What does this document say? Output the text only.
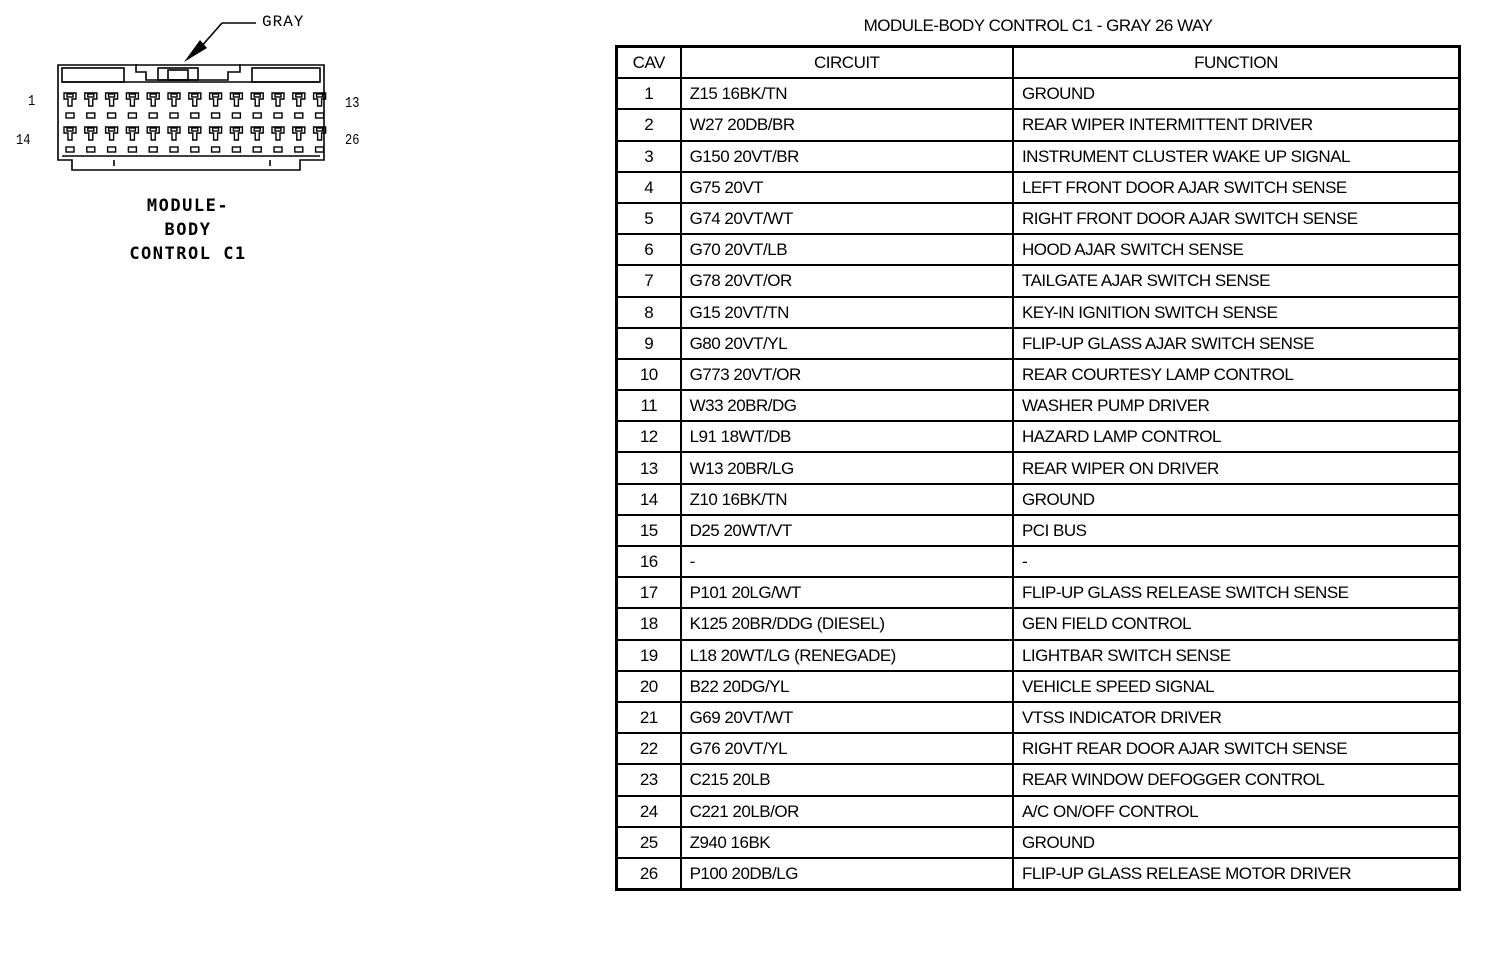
GRAY
1	13
14	26
MODULE-
BODY
CONTROL C1
MODULE-BODY CONTROL C1 - GRAY 26 WAY
CAV	CIRCUIT	FUNCTION
1	Z15 16BK/TN	GROUND
2	W27 20DB/BR	REAR WIPER INTERMITTENT DRIVER
3	G150 20VT/BR	INSTRUMENT CLUSTER WAKE UP SIGNAL
4	G75 20VT	LEFT FRONT DOOR AJAR SWITCH SENSE
5	G74 20VT/WT	RIGHT FRONT DOOR AJAR SWITCH SENSE
6	G70 20VT/LB	HOOD AJAR SWITCH SENSE
7	G78 20VT/OR	TAILGATE AJAR SWITCH SENSE
8	G15 20VT/TN	KEY-IN IGNITION SWITCH SENSE
9	G80 20VT/YL	FLIP-UP GLASS AJAR SWITCH SENSE
10	G773 20VT/OR	REAR COURTESY LAMP CONTROL
11	W33 20BR/DG	WASHER PUMP DRIVER
12	L91 18WT/DB	HAZARD LAMP CONTROL
13	W13 20BR/LG	REAR WIPER ON DRIVER
14	Z10 16BK/TN	GROUND
15	D25 20WT/VT	PCI BUS
16	-	-
17	P101 20LG/WT	FLIP-UP GLASS RELEASE SWITCH SENSE
18	K125 20BR/DDG (DIESEL)	GEN FIELD CONTROL
19	L18 20WT/LG (RENEGADE)	LIGHTBAR SWITCH SENSE
20	B22 20DG/YL	VEHICLE SPEED SIGNAL
21	G69 20VT/WT	VTSS INDICATOR DRIVER
22	G76 20VT/YL	RIGHT REAR DOOR AJAR SWITCH SENSE
23	C215 20LB	REAR WINDOW DEFOGGER CONTROL
24	C221 20LB/OR	A/C ON/OFF CONTROL
25	Z940 16BK	GROUND
26	P100 20DB/LG	FLIP-UP GLASS RELEASE MOTOR DRIVER
